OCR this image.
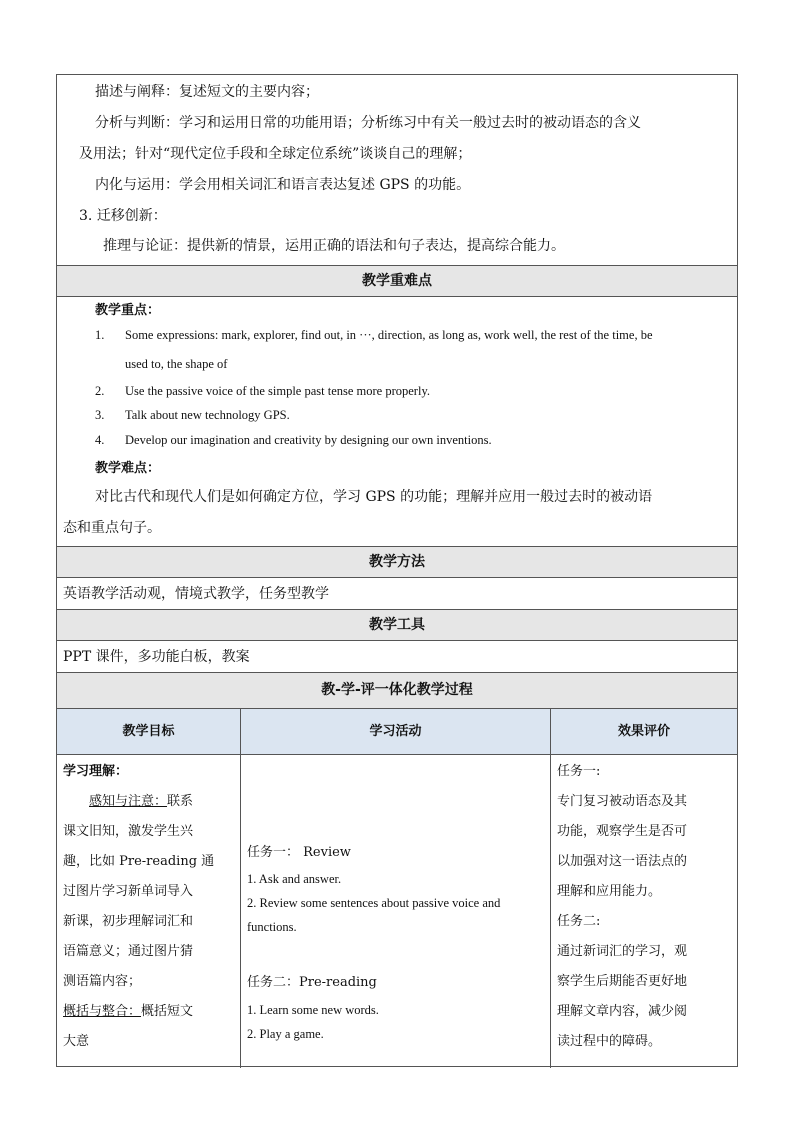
描述与阐释：复述短文的主要内容；
分析与判断：学习和运用日常的功能用语；分析练习中有关一般过去时的被动语态的含义
及用法；针对“现代定位手段和全球定位系统”谈谈自己的理解；
内化与运用：学会用相关词汇和语言表达复述 GPS 的功能。
3. 迁移创新：
推理与论证：提供新的情景，运用正确的语法和句子表达，提高综合能力。
教学重难点
教学重点：
1. Some expressions: mark, explorer, find out, in ···, direction, as long as, work well, the rest of the time, be
used to, the shape of
2. Use the passive voice of the simple past tense more properly.
3. Talk about new technology GPS.
4. Develop our imagination and creativity by designing our own inventions.
教学难点：
对比古代和现代人们是如何确定方位，学习 GPS 的功能；理解并应用一般过去时的被动语
态和重点句子。
教学方法
英语教学活动观，情境式教学，任务型教学
教学工具
PPT 课件，多功能白板，教案
教-学-评一体化教学过程
教学目标	学习活动	效果评价

学习理解：

感知与注意：联系

课文旧知，激发学生兴

趣，比如 Pre-reading 通

过图片学习新单词导入

新课，初步理解词汇和

语篇意义；通过图片猜

测语篇内容；

概括与整合：概括短文

大意

任务一： Review
1. Ask and answer.
2. Review some sentences about passive voice and
functions.
任务二：Pre-reading
1. Learn some new words.
2. Play a game.

任务一:

专门复习被动语态及其

功能，观察学生是否可

以加强对这一语法点的

理解和应用能力。

任务二:

通过新词汇的学习，观

察学生后期能否更好地

理解文章内容，减少阅

读过程中的障碍。
